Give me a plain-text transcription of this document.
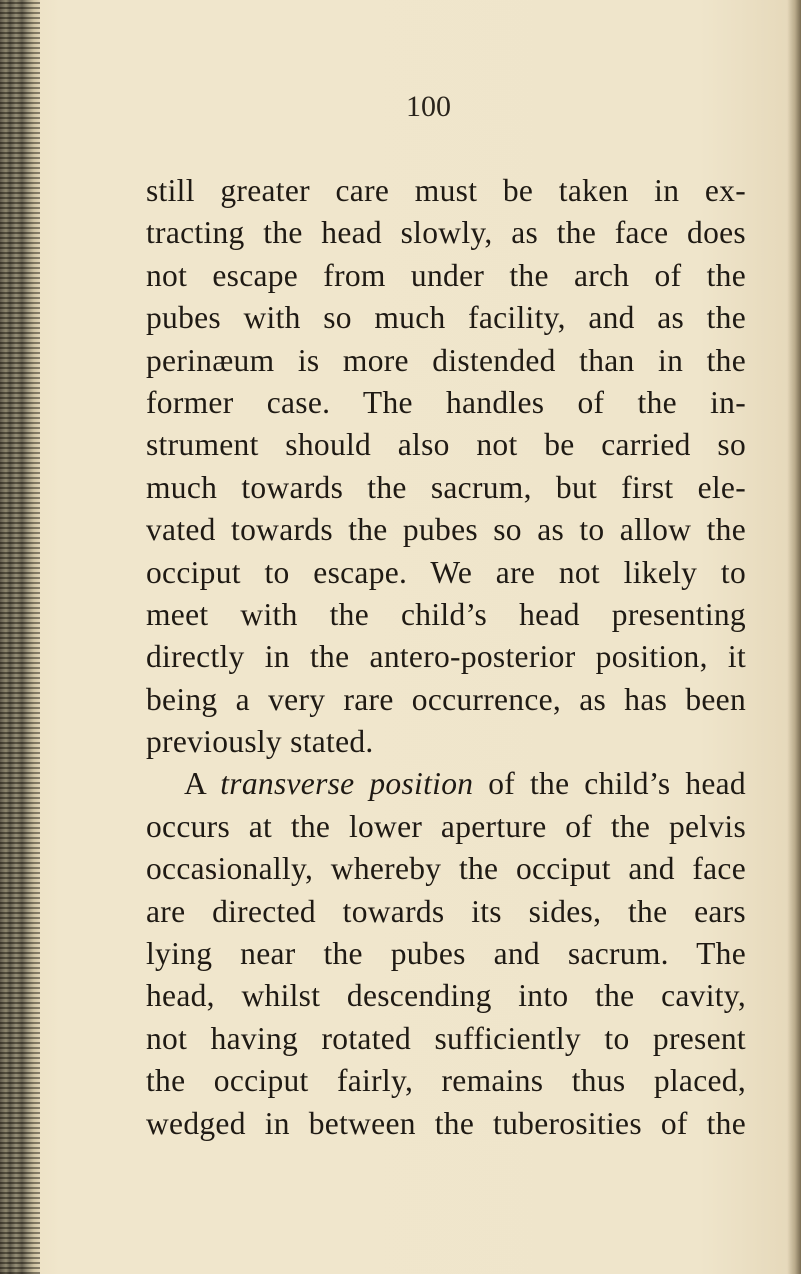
100
still greater care must be taken in ex-
tracting the head slowly, as the face does
not escape from under the arch of the
pubes with so much facility, and as the
perinæum is more distended than in the
former case. The handles of the in-
strument should also not be carried so
much towards the sacrum, but first ele-
vated towards the pubes so as to allow the
occiput to escape. We are not likely to
meet with the child’s head presenting
directly in the antero-posterior position, it
being a very rare occurrence, as has been
previously stated.
A transverse position of the child’s head
occurs at the lower aperture of the pelvis
occasionally, whereby the occiput and face
are directed towards its sides, the ears
lying near the pubes and sacrum. The
head, whilst descending into the cavity,
not having rotated sufficiently to present
the occiput fairly, remains thus placed,
wedged in between the tuberosities of the
